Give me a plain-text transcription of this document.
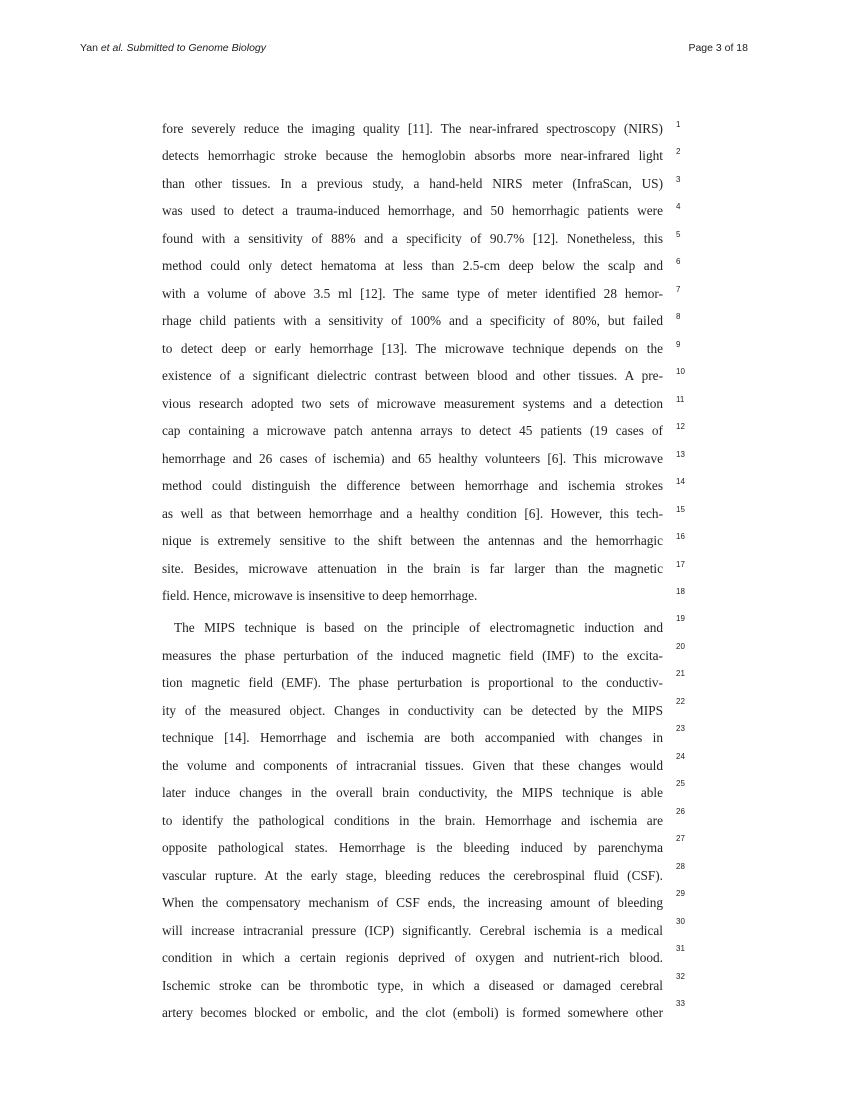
Yan et al. Submitted to Genome Biology	Page 3 of 18
fore severely reduce the imaging quality [11]. The near-infrared spectroscopy (NIRS)
detects hemorrhagic stroke because the hemoglobin absorbs more near-infrared light
than other tissues. In a previous study, a hand-held NIRS meter (InfraScan, US)
was used to detect a trauma-induced hemorrhage, and 50 hemorrhagic patients were
found with a sensitivity of 88% and a specificity of 90.7% [12]. Nonetheless, this
method could only detect hematoma at less than 2.5-cm deep below the scalp and
with a volume of above 3.5 ml [12]. The same type of meter identified 28 hemor-
rhage child patients with a sensitivity of 100% and a specificity of 80%, but failed
to detect deep or early hemorrhage [13]. The microwave technique depends on the
existence of a significant dielectric contrast between blood and other tissues. A pre-
vious research adopted two sets of microwave measurement systems and a detection
cap containing a microwave patch antenna arrays to detect 45 patients (19 cases of
hemorrhage and 26 cases of ischemia) and 65 healthy volunteers [6]. This microwave
method could distinguish the difference between hemorrhage and ischemia strokes
as well as that between hemorrhage and a healthy condition [6]. However, this tech-
nique is extremely sensitive to the shift between the antennas and the hemorrhagic
site. Besides, microwave attenuation in the brain is far larger than the magnetic
field. Hence, microwave is insensitive to deep hemorrhage.
The MIPS technique is based on the principle of electromagnetic induction and
measures the phase perturbation of the induced magnetic field (IMF) to the excita-
tion magnetic field (EMF). The phase perturbation is proportional to the conductiv-
ity of the measured object. Changes in conductivity can be detected by the MIPS
technique [14]. Hemorrhage and ischemia are both accompanied with changes in
the volume and components of intracranial tissues. Given that these changes would
later induce changes in the overall brain conductivity, the MIPS technique is able
to identify the pathological conditions in the brain. Hemorrhage and ischemia are
opposite pathological states. Hemorrhage is the bleeding induced by parenchyma
vascular rupture. At the early stage, bleeding reduces the cerebrospinal fluid (CSF).
When the compensatory mechanism of CSF ends, the increasing amount of bleeding
will increase intracranial pressure (ICP) significantly. Cerebral ischemia is a medical
condition in which a certain regionis deprived of oxygen and nutrient-rich blood.
Ischemic stroke can be thrombotic type, in which a diseased or damaged cerebral
artery becomes blocked or embolic, and the clot (emboli) is formed somewhere other
1
2
3
4
5
6
7
8
9
10
11
12
13
14
15
16
17
18
19
20
21
22
23
24
25
26
27
28
29
30
31
32
33
